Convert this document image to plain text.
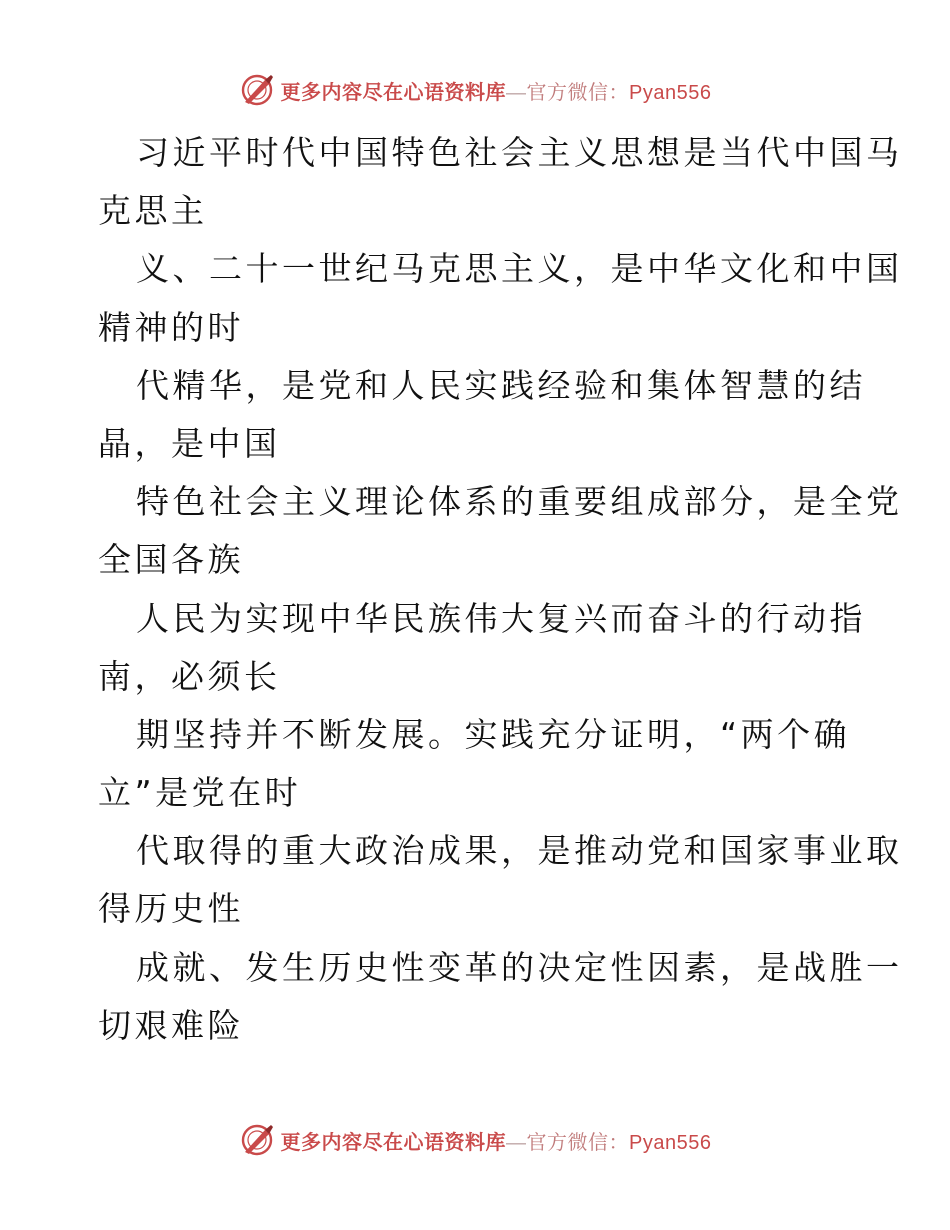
更多内容尽在心语资料库—官方微信：Pyan556
习近平时代中国特色社会主义思想是当代中国马
克思主
义、二十一世纪马克思主义，是中华文化和中国
精神的时
代精华，是党和人民实践经验和集体智慧的结
晶，是中国
特色社会主义理论体系的重要组成部分，是全党
全国各族
人民为实现中华民族伟大复兴而奋斗的行动指
南，必须长
期坚持并不断发展。实践充分证明，“两个确
立”是党在时
代取得的重大政治成果，是推动党和国家事业取
得历史性
成就、发生历史性变革的决定性因素，是战胜一
切艰难险
更多内容尽在心语资料库—官方微信：Pyan556
